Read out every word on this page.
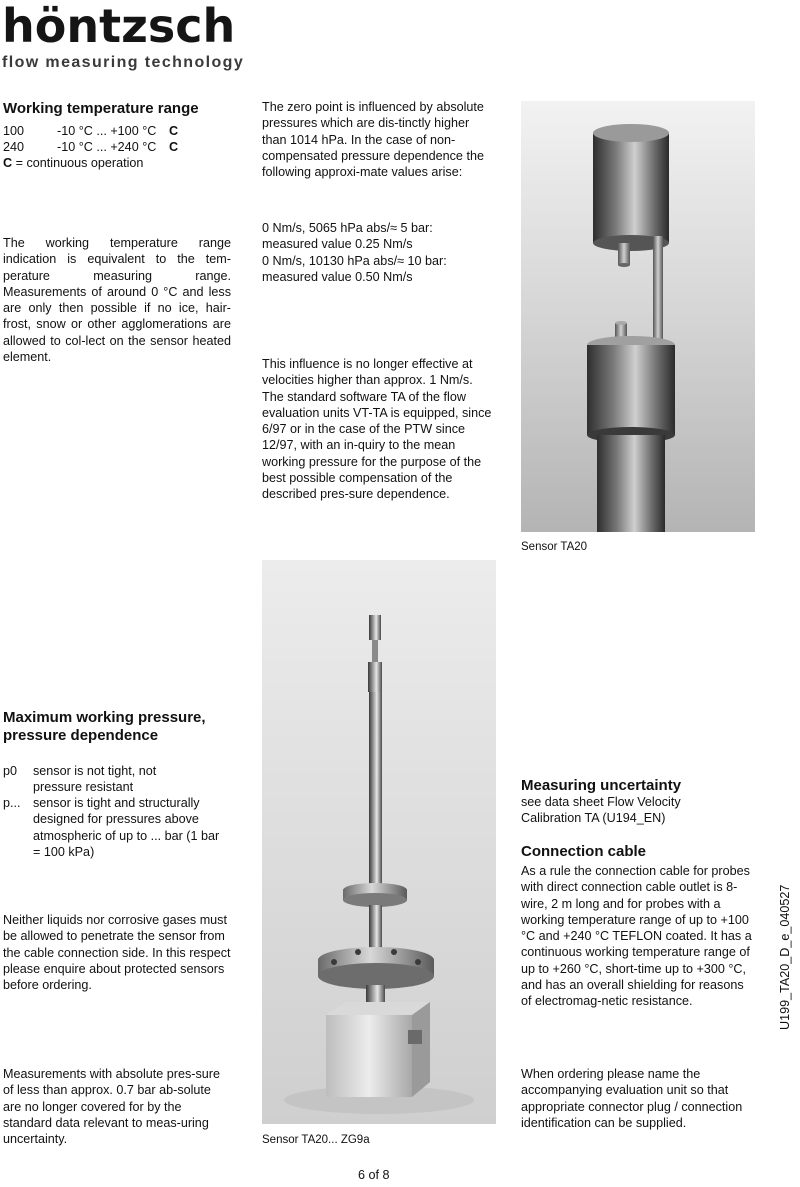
höntzsch
flow measuring technology
Working temperature range
100	-10 °C ... +100 °C C
240	-10 °C ... +240 °C C
C = continuous operation
The working temperature range indication is equivalent to the tem-perature measuring range. Measurements of around 0 °C and less are only then possible if no ice, hair-frost, snow or other agglomerations are allowed to col-lect on the sensor heated element.
Maximum working pressure,
pressure dependence
p0 sensor is not tight, not pressure resistant
p... sensor is tight and structurally designed for pressures above atmospheric of up to ... bar (1 bar = 100 kPa)
Neither liquids nor corrosive gases must be allowed to penetrate the sensor from the cable connection side. In this respect please enquire about protected sensors before ordering.
Measurements with absolute pres-sure of less than approx. 0.7 bar ab-solute are no longer covered for by the standard data relevant to meas-uring uncertainty.
The zero point is influenced by absolute pressures which are dis-tinctly higher than 1014 hPa. In the case of non-compensated pressure dependence the following approxi-mate values arise:
0 Nm/s, 5065 hPa abs/≈ 5 bar:
measured value 0.25 Nm/s
0 Nm/s, 10130 hPa abs/≈ 10 bar:
measured value 0.50 Nm/s
This influence is no longer effective at velocities higher than approx. 1 Nm/s. The standard software TA of the flow evaluation units VT-TA is equipped, since 6/97 or in the case of the PTW since 12/97, with an in-quiry to the mean working pressure for the purpose of the best possible compensation of the described pres-sure dependence.
Sensor TA20... ZG9a
Sensor TA20
Measuring uncertainty
see data sheet Flow Velocity Calibration TA (U194_EN)
Connection cable
As a rule the connection cable for probes with direct connection cable outlet is 8-wire, 2 m long and for probes with a working temperature range of up to +100 °C and +240 °C TEFLON coated. It has a continuous working temperature range of up to +260 °C, short-time up to +300 °C, and has an overall shielding for reasons of electromag-netic resistance.
When ordering please name the accompanying evaluation unit so that appropriate connector plug / connection identification can be supplied.
U199_TA20_D_e_040527
6 of 8
